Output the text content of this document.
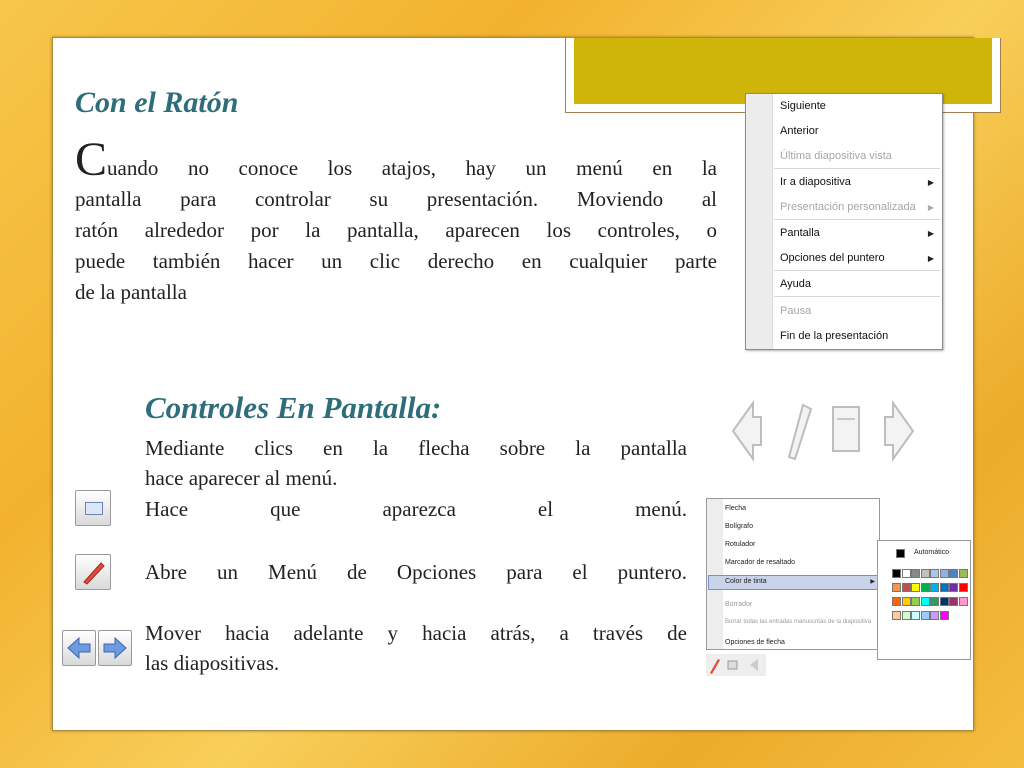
Con el Ratón
Cuando no conoce los atajos, hay un menú en la
pantalla para controlar su presentación. Moviendo al
ratón alrededor por la pantalla, aparecen los controles, o
puede también hacer un clic derecho en cualquier parte
de la pantalla
Siguiente
Anterior
Última diapositiva vista
Ir a diapositiva	▶
Presentación personalizada ▶
Pantalla	▶
Opciones del puntero	▶
Ayuda
Pausa
Fin de la presentación
Controles En Pantalla:
Mediante clics en la flecha sobre la pantalla
hace aparecer al menú.
Hace que aparezca el menú.
Abre un Menú de Opciones para el puntero.
Mover hacia adelante y hacia atrás, a través de
las diapositivas.
Flecha
Bolígrafo
Rotulador
Marcador de resaltado
Color de tinta	▶
Borrador
Borrar todas las entradas manuscritas de la diapositiva
Opciones de flecha
Automático
